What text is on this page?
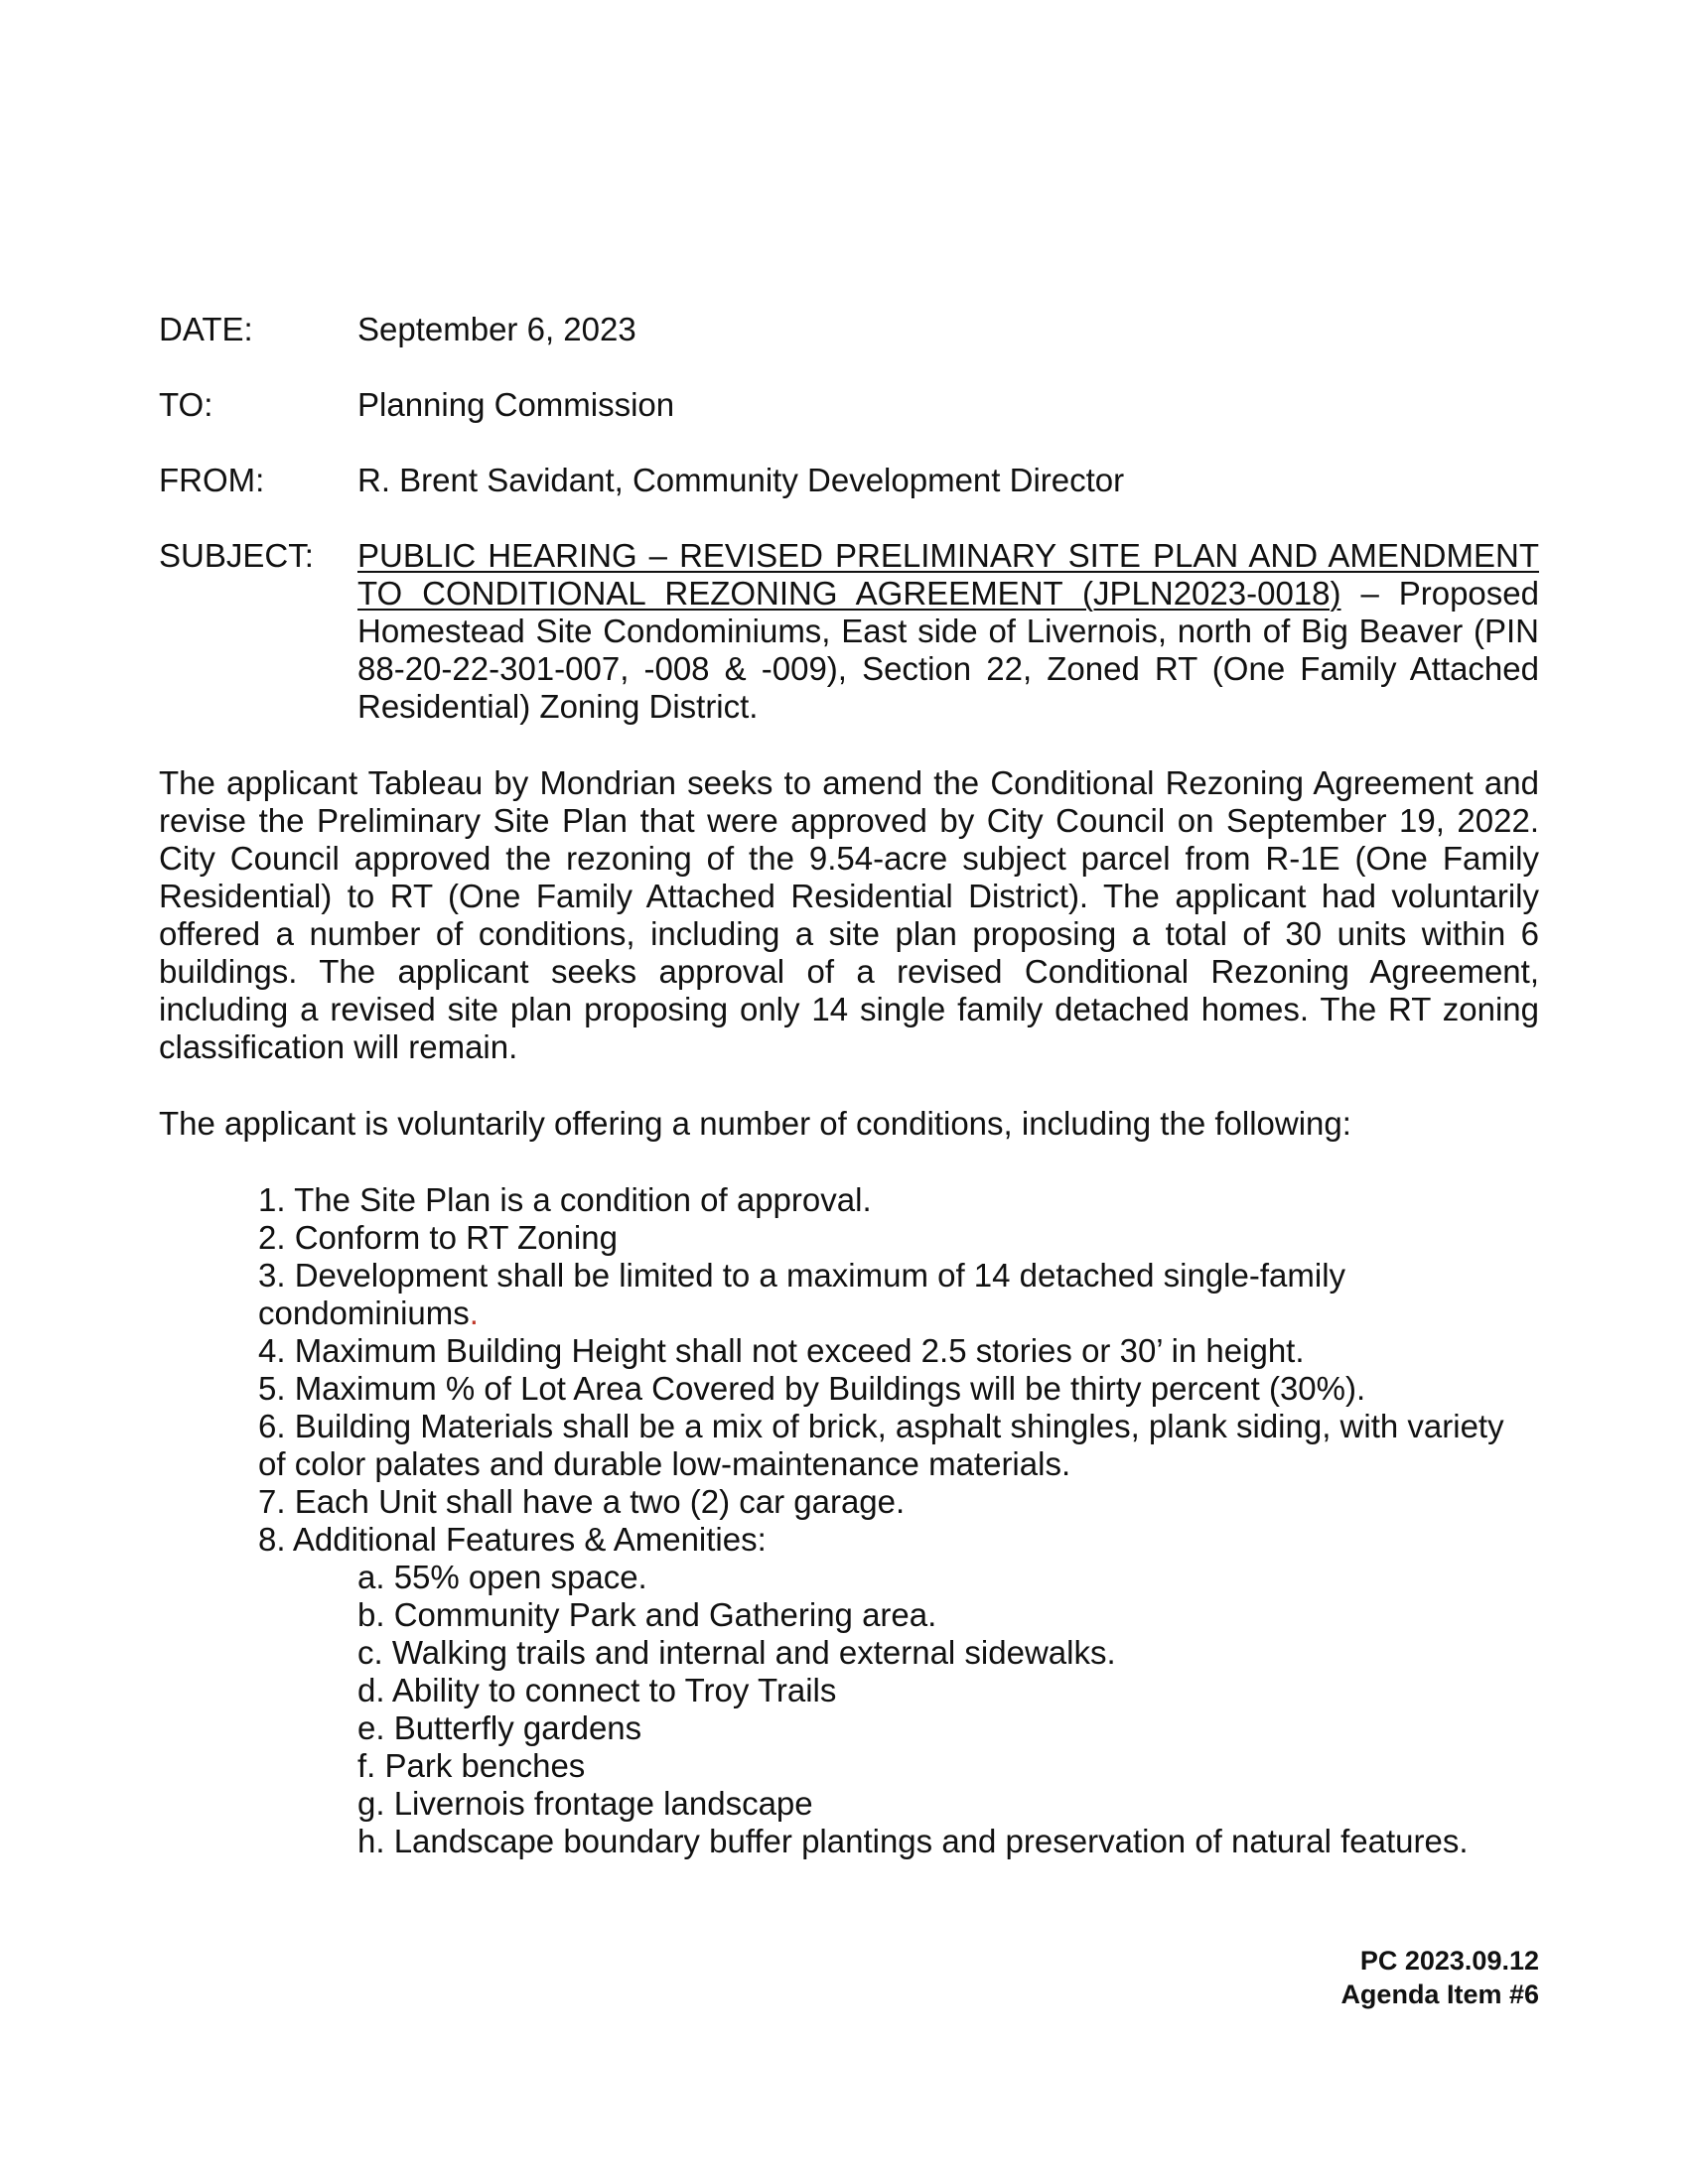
DATE:	September 6, 2023
TO:	Planning Commission
FROM:	R. Brent Savidant, Community Development Director
SUBJECT:	PUBLIC HEARING – REVISED PRELIMINARY SITE PLAN AND AMENDMENT TO CONDITIONAL REZONING AGREEMENT (JPLN2023-0018) – Proposed Homestead Site Condominiums, East side of Livernois, north of Big Beaver (PIN 88-20-22-301-007, -008 & -009), Section 22, Zoned RT (One Family Attached Residential) Zoning District.
The applicant Tableau by Mondrian seeks to amend the Conditional Rezoning Agreement and revise the Preliminary Site Plan that were approved by City Council on September 19, 2022. City Council approved the rezoning of the 9.54-acre subject parcel from R-1E (One Family Residential) to RT (One Family Attached Residential District). The applicant had voluntarily offered a number of conditions, including a site plan proposing a total of 30 units within 6 buildings. The applicant seeks approval of a revised Conditional Rezoning Agreement, including a revised site plan proposing only 14 single family detached homes. The RT zoning classification will remain.
The applicant is voluntarily offering a number of conditions, including the following:
1. The Site Plan is a condition of approval.
2. Conform to RT Zoning
3. Development shall be limited to a maximum of 14 detached single-family condominiums.
4. Maximum Building Height shall not exceed 2.5 stories or 30’ in height.
5. Maximum % of Lot Area Covered by Buildings will be thirty percent (30%).
6. Building Materials shall be a mix of brick, asphalt shingles, plank siding, with variety of color palates and durable low-maintenance materials.
7. Each Unit shall have a two (2) car garage.
8. Additional Features & Amenities:
a. 55% open space.
b. Community Park and Gathering area.
c. Walking trails and internal and external sidewalks.
d. Ability to connect to Troy Trails
e. Butterfly gardens
f. Park benches
g. Livernois frontage landscape
h. Landscape boundary buffer plantings and preservation of natural features.
PC 2023.09.12
Agenda Item #6
